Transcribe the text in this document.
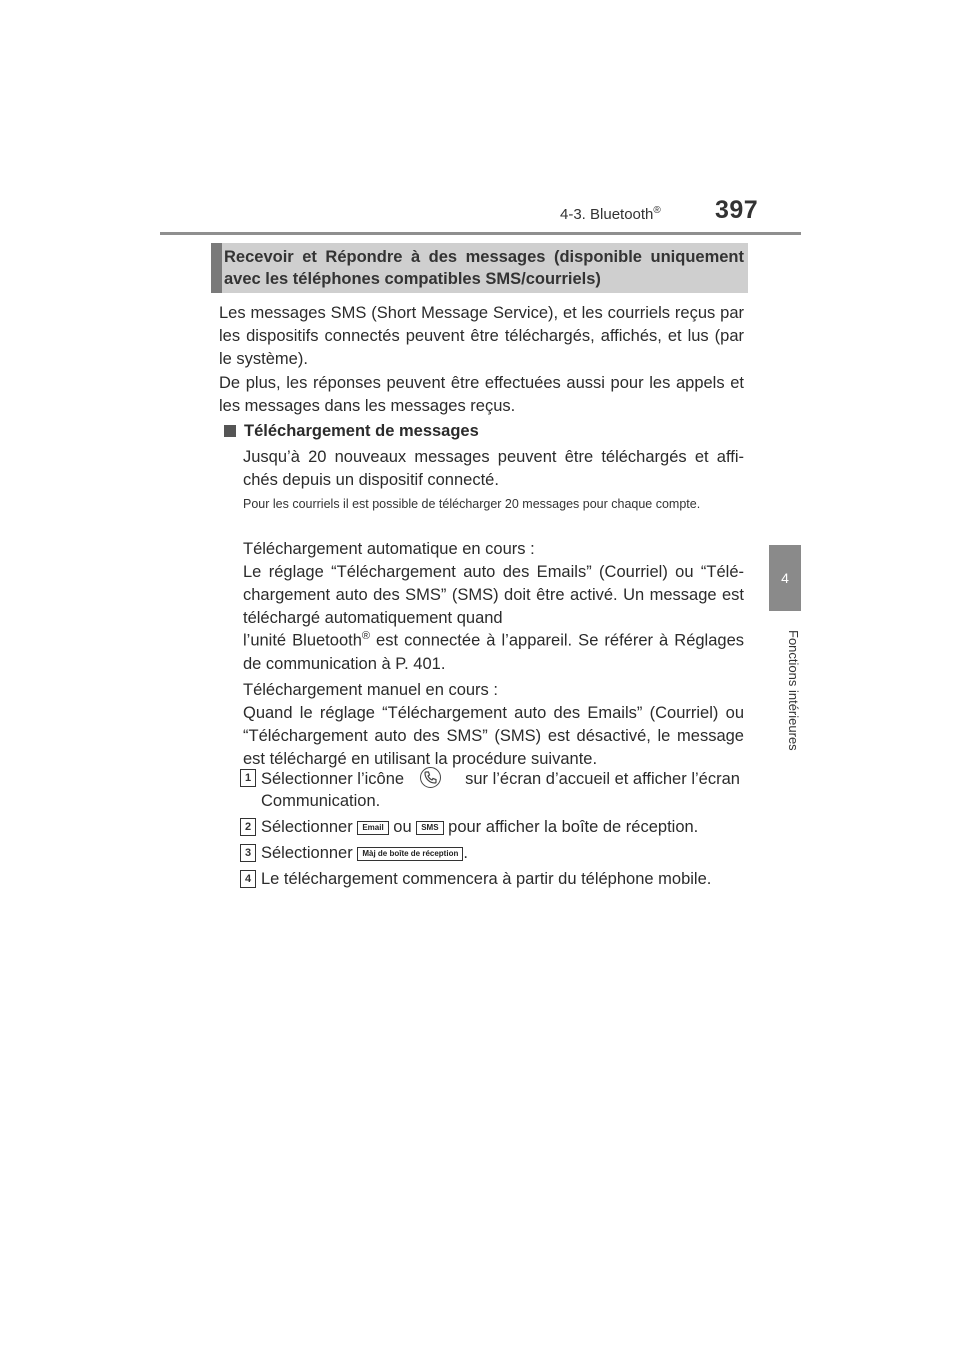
4-3. Bluetooth® 397
4
Fonctions intérieures
Recevoir et Répondre à des messages (disponible uniquement avec les téléphones compatibles SMS/courriels)
Les messages SMS (Short Message Service), et les courriels reçus par les dispositifs connectés peuvent être téléchargés, affichés, et lus (par le système).
De plus, les réponses peuvent être effectuées aussi pour les appels et les messages dans les messages reçus.
Téléchargement de messages
Jusqu’à 20 nouveaux messages peuvent être téléchargés et affichés depuis un dispositif connecté.
Pour les courriels il est possible de télécharger 20 messages pour chaque compte.
Téléchargement automatique en cours :
Le réglage “Téléchargement auto des Emails” (Courriel) ou “Téléchargement auto des SMS” (SMS) doit être activé. Un message est téléchargé automatiquement quand
l’unité Bluetooth® est connectée à l’appareil. Se référer à Réglages de communication à P. 401.
Téléchargement manuel en cours :
Quand le réglage “Téléchargement auto des Emails” (Courriel) ou “Téléchargement auto des SMS” (SMS) est désactivé, le message est téléchargé en utilisant la procédure suivante.
1 Sélectionner l’icône	sur l’écran d’accueil et afficher l’écran
Communication.
2 Sélectionner Email ou SMS pour afficher la boîte de réception.
3 Sélectionner Màj de boîte de réception .
4 Le téléchargement commencera à partir du téléphone mobile.
